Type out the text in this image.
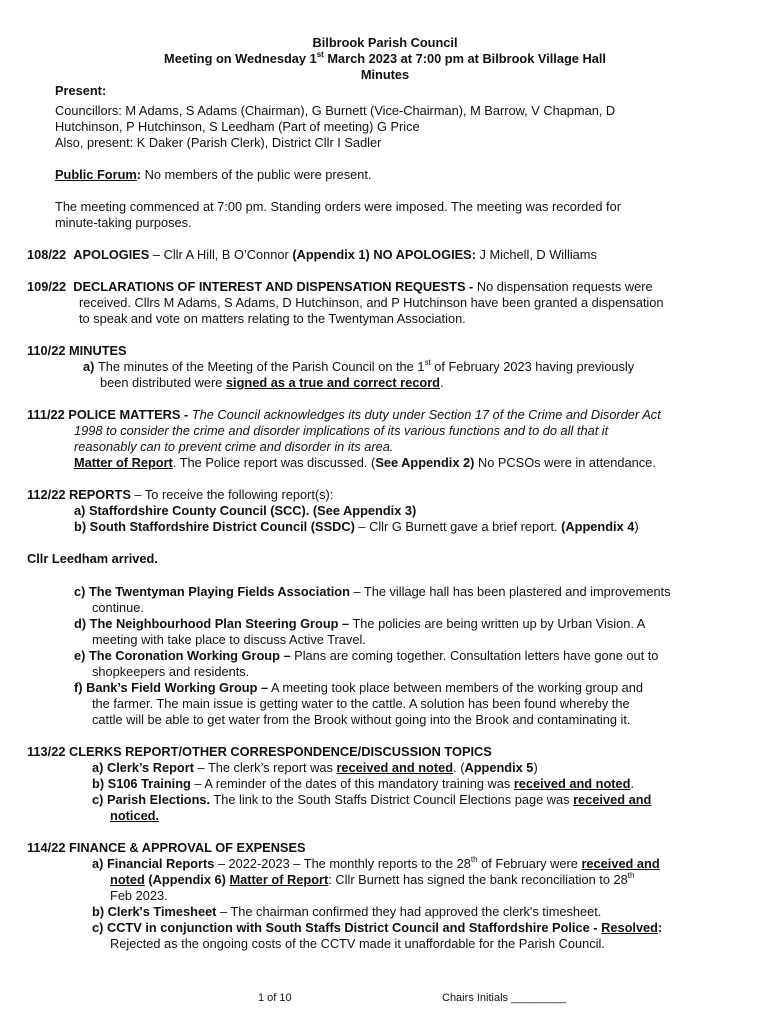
Bilbrook Parish Council
Meeting on Wednesday 1st March 2023 at 7:00 pm at Bilbrook Village Hall
Minutes
Present:
Councillors: M Adams, S Adams (Chairman), G Burnett (Vice-Chairman), M Barrow, V Chapman, D
Hutchinson, P Hutchinson, S Leedham (Part of meeting) G Price
Also, present: K Daker (Parish Clerk), District Cllr I Sadler
Public Forum: No members of the public were present.
The meeting commenced at 7:00 pm. Standing orders were imposed. The meeting was recorded for
minute-taking purposes.
108/22 APOLOGIES – Cllr A Hill, B O’Connor (Appendix 1) NO APOLOGIES: J Michell, D Williams
109/22 DECLARATIONS OF INTEREST AND DISPENSATION REQUESTS - No dispensation requests were
received. Cllrs M Adams, S Adams, D Hutchinson, and P Hutchinson have been granted a dispensation
to speak and vote on matters relating to the Twentyman Association.
110/22 MINUTES
a) The minutes of the Meeting of the Parish Council on the 1st of February 2023 having previously
been distributed were signed as a true and correct record.
111/22 POLICE MATTERS - The Council acknowledges its duty under Section 17 of the Crime and Disorder Act
1998 to consider the crime and disorder implications of its various functions and to do all that it
reasonably can to prevent crime and disorder in its area.
Matter of Report. The Police report was discussed. (See Appendix 2) No PCSOs were in attendance.
112/22 REPORTS – To receive the following report(s):
a) Staffordshire County Council (SCC). (See Appendix 3)
b) South Staffordshire District Council (SSDC) – Cllr G Burnett gave a brief report. (Appendix 4)
Cllr Leedham arrived.
c) The Twentyman Playing Fields Association – The village hall has been plastered and improvements
continue.
d) The Neighbourhood Plan Steering Group – The policies are being written up by Urban Vision. A
meeting with take place to discuss Active Travel.
e) The Coronation Working Group – Plans are coming together. Consultation letters have gone out to
shopkeepers and residents.
f) Bank’s Field Working Group – A meeting took place between members of the working group and
the farmer. The main issue is getting water to the cattle. A solution has been found whereby the
cattle will be able to get water from the Brook without going into the Brook and contaminating it.
113/22 CLERKS REPORT/OTHER CORRESPONDENCE/DISCUSSION TOPICS
a) Clerk’s Report – The clerk’s report was received and noted. (Appendix 5)
b) S106 Training – A reminder of the dates of this mandatory training was received and noted.
c) Parish Elections. The link to the South Staffs District Council Elections page was received and
noticed.
114/22 FINANCE & APPROVAL OF EXPENSES
a) Financial Reports – 2022-2023 – The monthly reports to the 28th of February were received and
noted (Appendix 6) Matter of Report: Cllr Burnett has signed the bank reconciliation to 28th
Feb 2023.
b) Clerk's Timesheet – The chairman confirmed they had approved the clerk's timesheet.
c) CCTV in conjunction with South Staffs District Council and Staffordshire Police - Resolved:
Rejected as the ongoing costs of the CCTV made it unaffordable for the Parish Council.
1 of 10	Chairs Initials _________
